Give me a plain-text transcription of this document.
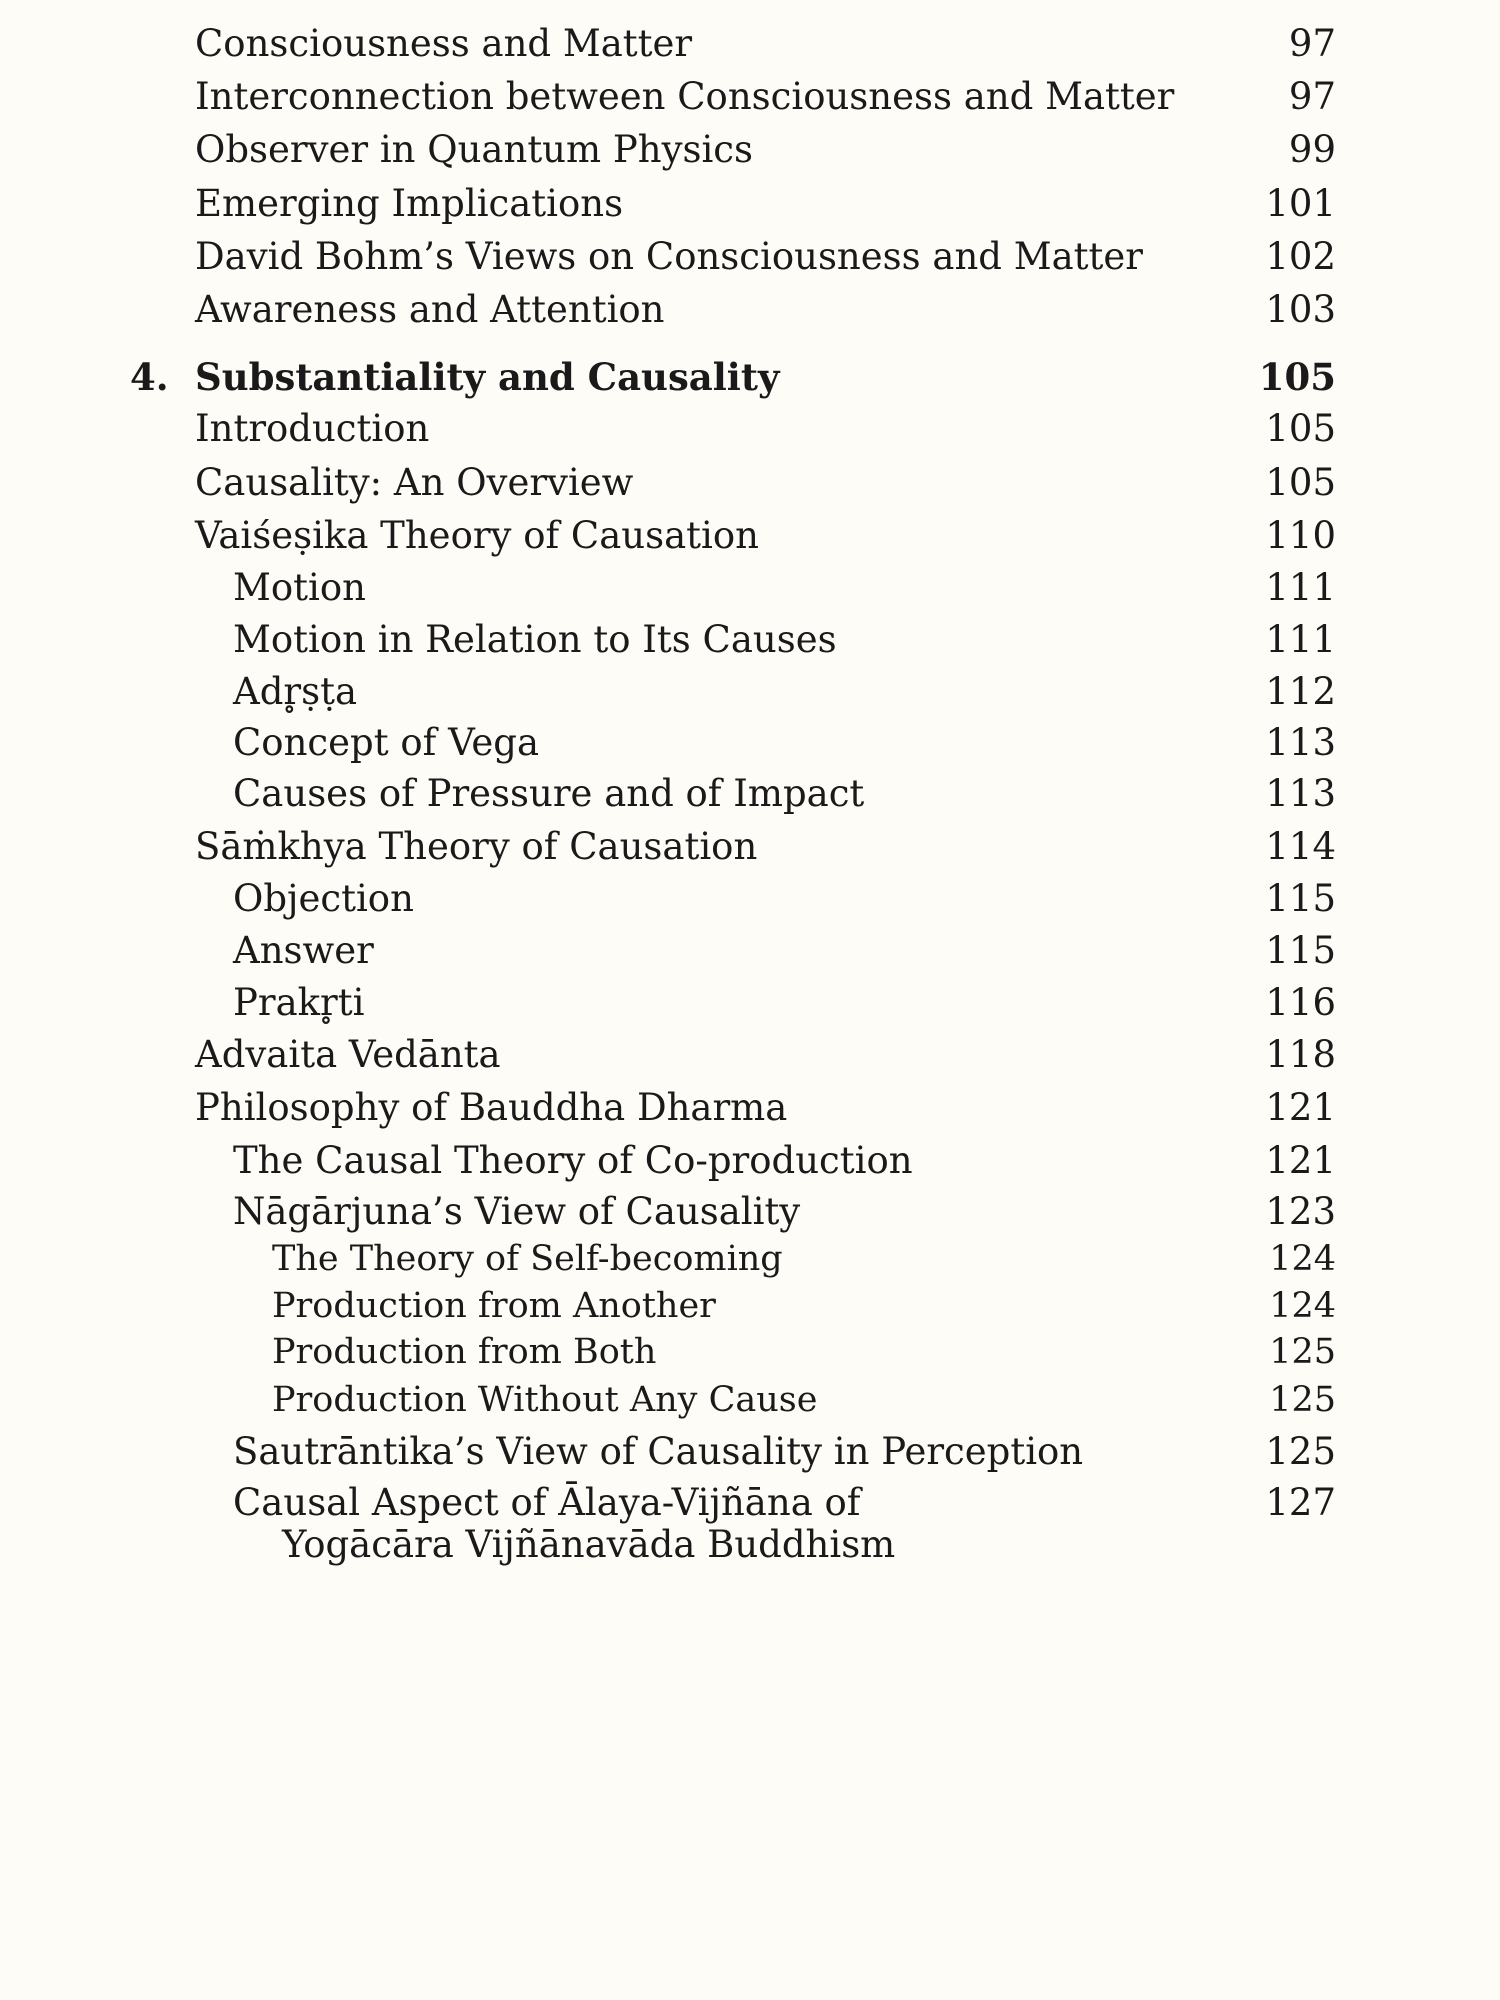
Consciousness and Matter	97
Interconnection between Consciousness and Matter	97
Observer in Quantum Physics	99
Emerging Implications	101
David Bohm’s Views on Consciousness and Matter	102
Awareness and Attention	103
4. Substantiality and Causality	105
Introduction	105
Causality: An Overview	105
Vaiśeṣika Theory of Causation	110
Motion	111
Motion in Relation to Its Causes	111
Adr̥ṣṭa	112
Concept of Vega	113
Causes of Pressure and of Impact	113
Sāṁkhya Theory of Causation	114
Objection	115
Answer	115
Prakr̥ti	116
Advaita Vedānta	118
Philosophy of Bauddha Dharma	121
The Causal Theory of Co-production	121
Nāgārjuna’s View of Causality	123
The Theory of Self-becoming	124
Production from Another	124
Production from Both	125
Production Without Any Cause	125
Sautrāntika’s View of Causality in Perception	125
Causal Aspect of Ālaya-Vijñāna of	127
Yogācāra Vijñānavāda Buddhism
